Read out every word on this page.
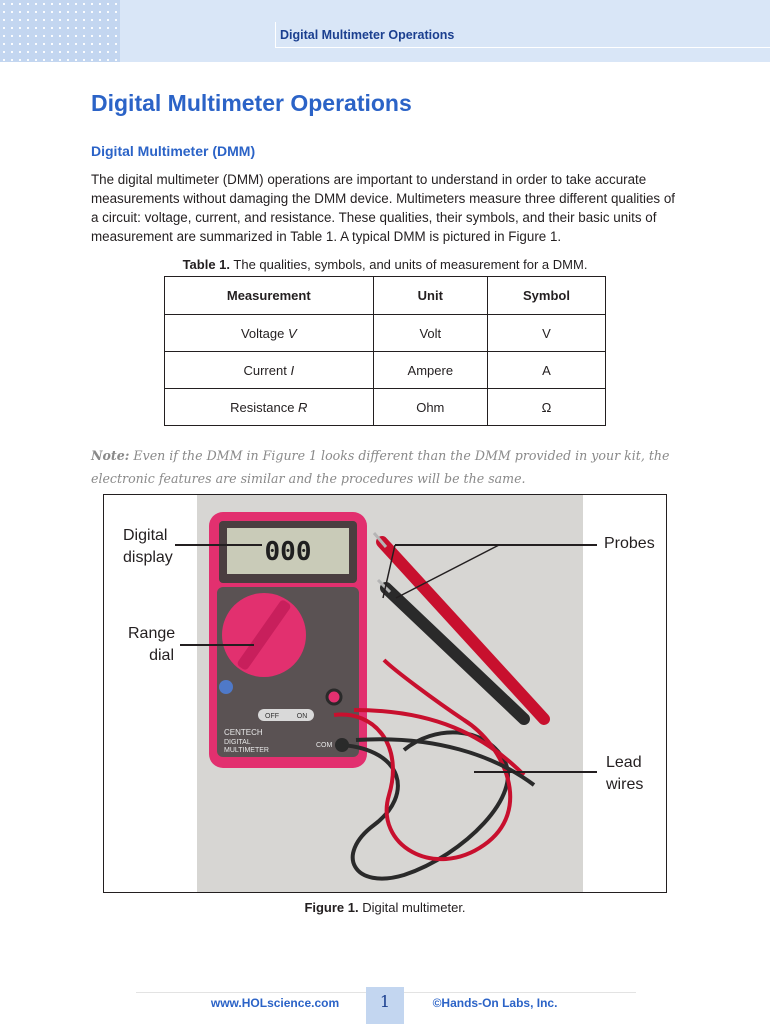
Digital Multimeter Operations
Digital Multimeter Operations
Digital Multimeter (DMM)

The digital multimeter (DMM) operations are important to understand in order to take accurate measurements without damaging the DMM device. Multimeters measure three different qualities of a circuit: voltage, current, and resistance. These qualities, their symbols, and their basic units of measurement are summarized in Table 1. A typical DMM is pictured in Figure 1.

Table 1. The qualities, symbols, and units of measurement for a DMM.
Measurement	Unit	Symbol
Voltage V	Volt	V
Current I	Ampere	A
Resistance R	Ohm	Ω

Note: Even if the DMM in Figure 1 looks different than the DMM provided in your kit, the electronic features are similar and the procedures will be the same.

000
OFF	ON
CENTECH
DIGITAL
MULTIMETER
COM
Digital
display
Range
dial
Probes
Lead
wires
Figure 1. Digital multimeter.
www.HOLscience.com	1	©Hands-On Labs, Inc.
